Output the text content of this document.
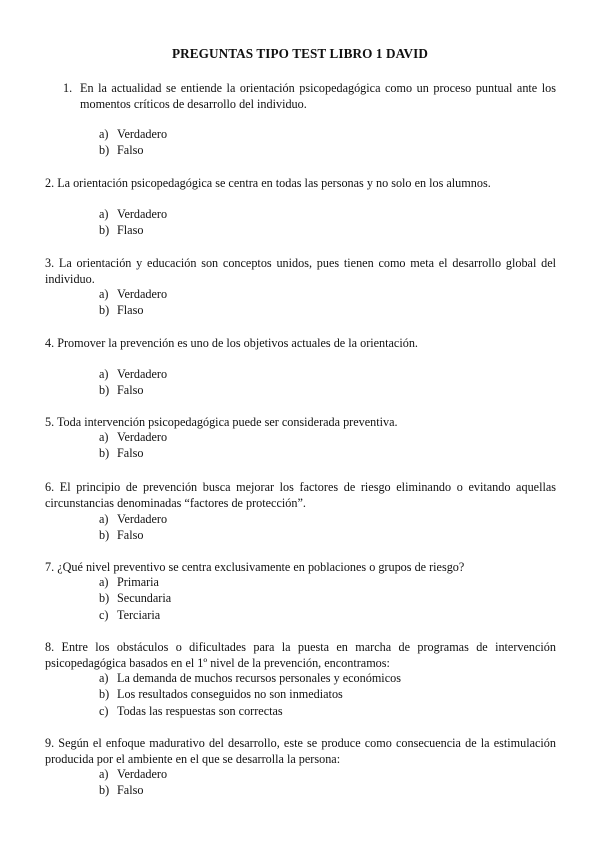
PREGUNTAS TIPO TEST LIBRO 1 DAVID
1. En la actualidad se entiende la orientación psicopedagógica como un proceso puntual ante los momentos críticos de desarrollo del individuo.
a) Verdadero
b) Falso
2. La orientación psicopedagógica se centra en todas las personas y no solo en los alumnos.
a) Verdadero
b) Flaso
3. La orientación y educación son conceptos unidos, pues tienen como meta el desarrollo global del individuo.
a) Verdadero
b) Flaso
4. Promover la prevención es uno de los objetivos actuales de la orientación.
a) Verdadero
b) Falso
5. Toda intervención psicopedagógica puede ser considerada preventiva.
a) Verdadero
b) Falso
6. El principio de prevención busca mejorar los factores de riesgo eliminando o evitando aquellas circunstancias denominadas “factores de protección”.
a) Verdadero
b) Falso
7. ¿Qué nivel preventivo se centra exclusivamente en poblaciones o grupos de riesgo?
a) Primaria
b) Secundaria
c) Terciaria
8. Entre los obstáculos o dificultades para la puesta en marcha de programas de intervención psicopedagógica basados en el 1º nivel de la prevención, encontramos:
a) La demanda de muchos recursos personales y económicos
b) Los resultados conseguidos no son inmediatos
c) Todas las respuestas son correctas
9. Según el enfoque madurativo del desarrollo, este se produce como consecuencia de la estimulación producida por el ambiente en el que se desarrolla la persona:
a) Verdadero
b) Falso
